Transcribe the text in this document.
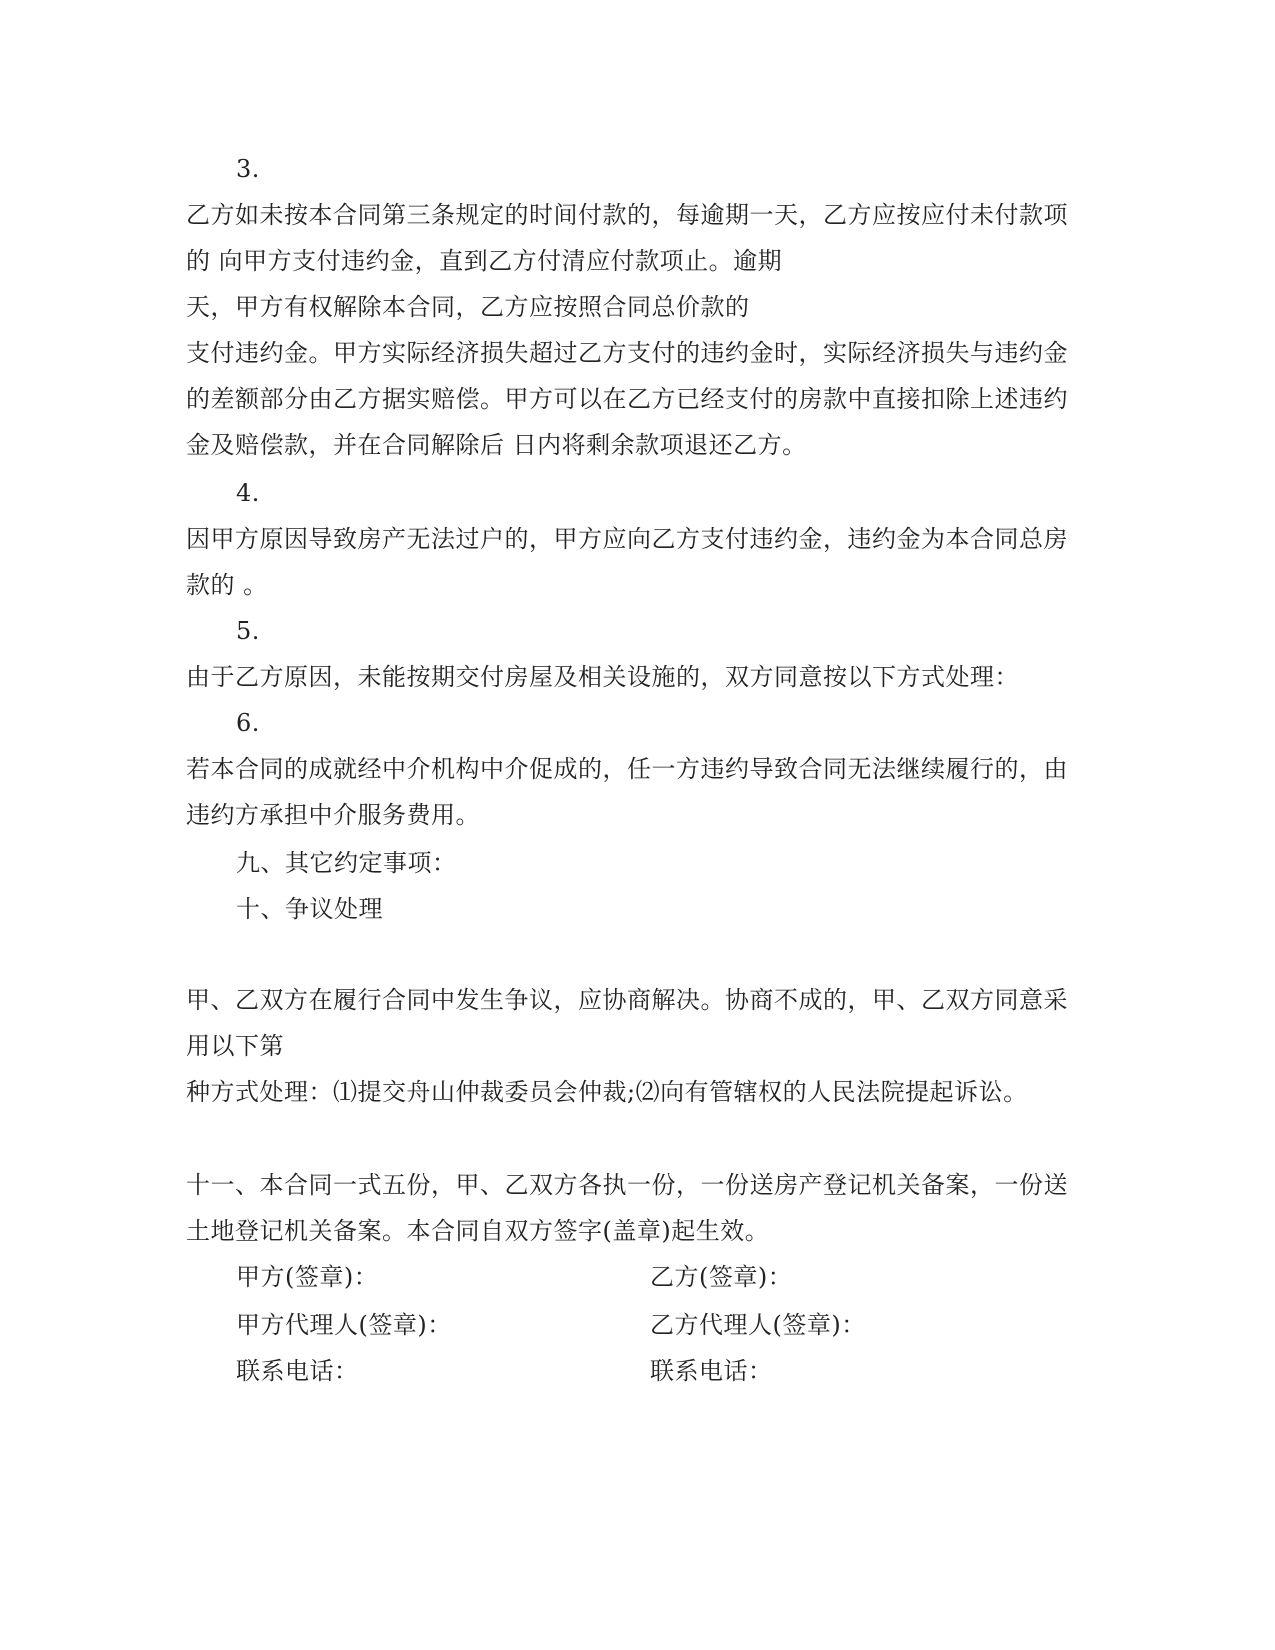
3.
乙方如未按本合同第三条规定的时间付款的，每逾期一天，乙方应按应付未付款项
的 向甲方支付违约金，直到乙方付清应付款项止。逾期
天，甲方有权解除本合同，乙方应按照合同总价款的
支付违约金。甲方实际经济损失超过乙方支付的违约金时，实际经济损失与违约金
的差额部分由乙方据实赔偿。甲方可以在乙方已经支付的房款中直接扣除上述违约
金及赔偿款，并在合同解除后 日内将剩余款项退还乙方。
4.
因甲方原因导致房产无法过户的，甲方应向乙方支付违约金，违约金为本合同总房
款的 。
5.
由于乙方原因，未能按期交付房屋及相关设施的，双方同意按以下方式处理：
6.
若本合同的成就经中介机构中介促成的，任一方违约导致合同无法继续履行的，由
违约方承担中介服务费用。
九、其它约定事项：
十、争议处理
甲、乙双方在履行合同中发生争议，应协商解决。协商不成的，甲、乙双方同意采
用以下第
种方式处理：⑴提交舟山仲裁委员会仲裁;⑵向有管辖权的人民法院提起诉讼。
十一、本合同一式五份，甲、乙双方各执一份，一份送房产登记机关备案，一份送
土地登记机关备案。本合同自双方签字(盖章)起生效。
甲方(签章)：	乙方(签章)：
甲方代理人(签章)：	乙方代理人(签章)：
联系电话：	联系电话：
